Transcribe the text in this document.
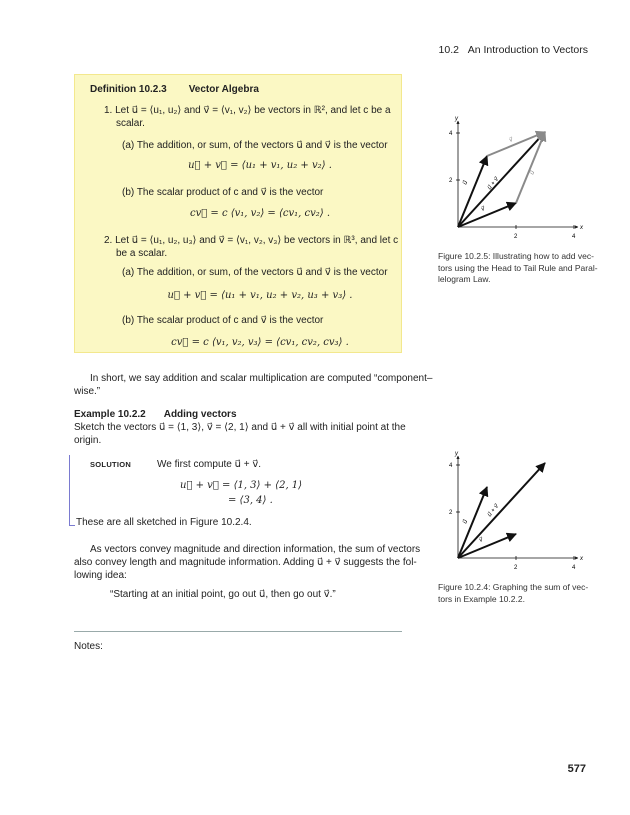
10.2 An Introduction to Vectors
Definition 10.2.3 Vector Algebra
1. Let u⃗ = ⟨u₁, u₂⟩ and v⃗ = ⟨v₁, v₂⟩ be vectors in ℝ², and let c be a
scalar.
(a) The addition, or sum, of the vectors u⃗ and v⃗ is the vector
u⃗ + v⃗ = ⟨u₁ + v₁, u₂ + v₂⟩ .
(b) The scalar product of c and v⃗ is the vector
cv⃗ = c ⟨v₁, v₂⟩ = ⟨cv₁, cv₂⟩ .
2. Let u⃗ = ⟨u₁, u₂, u₃⟩ and v⃗ = ⟨v₁, v₂, v₃⟩ be vectors in ℝ³, and let c
be a scalar.
(a) The addition, or sum, of the vectors u⃗ and v⃗ is the vector
u⃗ + v⃗ = ⟨u₁ + v₁, u₂ + v₂, u₃ + v₃⟩ .
(b) The scalar product of c and v⃗ is the vector
cv⃗ = c ⟨v₁, v₂, v₃⟩ = ⟨cv₁, cv₂, cv₃⟩ .
In short, we say addition and scalar multiplication are computed “component–
wise.”
Example 10.2.2 Adding vectors
Sketch the vectors u⃗ = ⟨1, 3⟩, v⃗ = ⟨2, 1⟩ and u⃗ + v⃗ all with initial point at the
origin.
SOLUTION	We first compute u⃗ + v⃗.
u⃗ + v⃗ = ⟨1, 3⟩ + ⟨2, 1⟩
= ⟨3, 4⟩ .
These are all sketched in Figure 10.2.4.
As vectors convey magnitude and direction information, the sum of vectors
also convey length and magnitude information. Adding u⃗ + v⃗ suggests the fol-
lowing idea:
“Starting at an initial point, go out u⃗, then go out v⃗.”
Notes:
2	4
2
4
x
y
u⃗
v⃗
u⃗ + v⃗
v⃗
u⃗
Figure 10.2.5: Illustrating how to add vec-
tors using the Head to Tail Rule and Paral-
lelogram Law.
2	4
2
4
x
y
u⃗
v⃗
u⃗ + v⃗
Figure 10.2.4: Graphing the sum of vec-
tors in Example 10.2.2.
577
